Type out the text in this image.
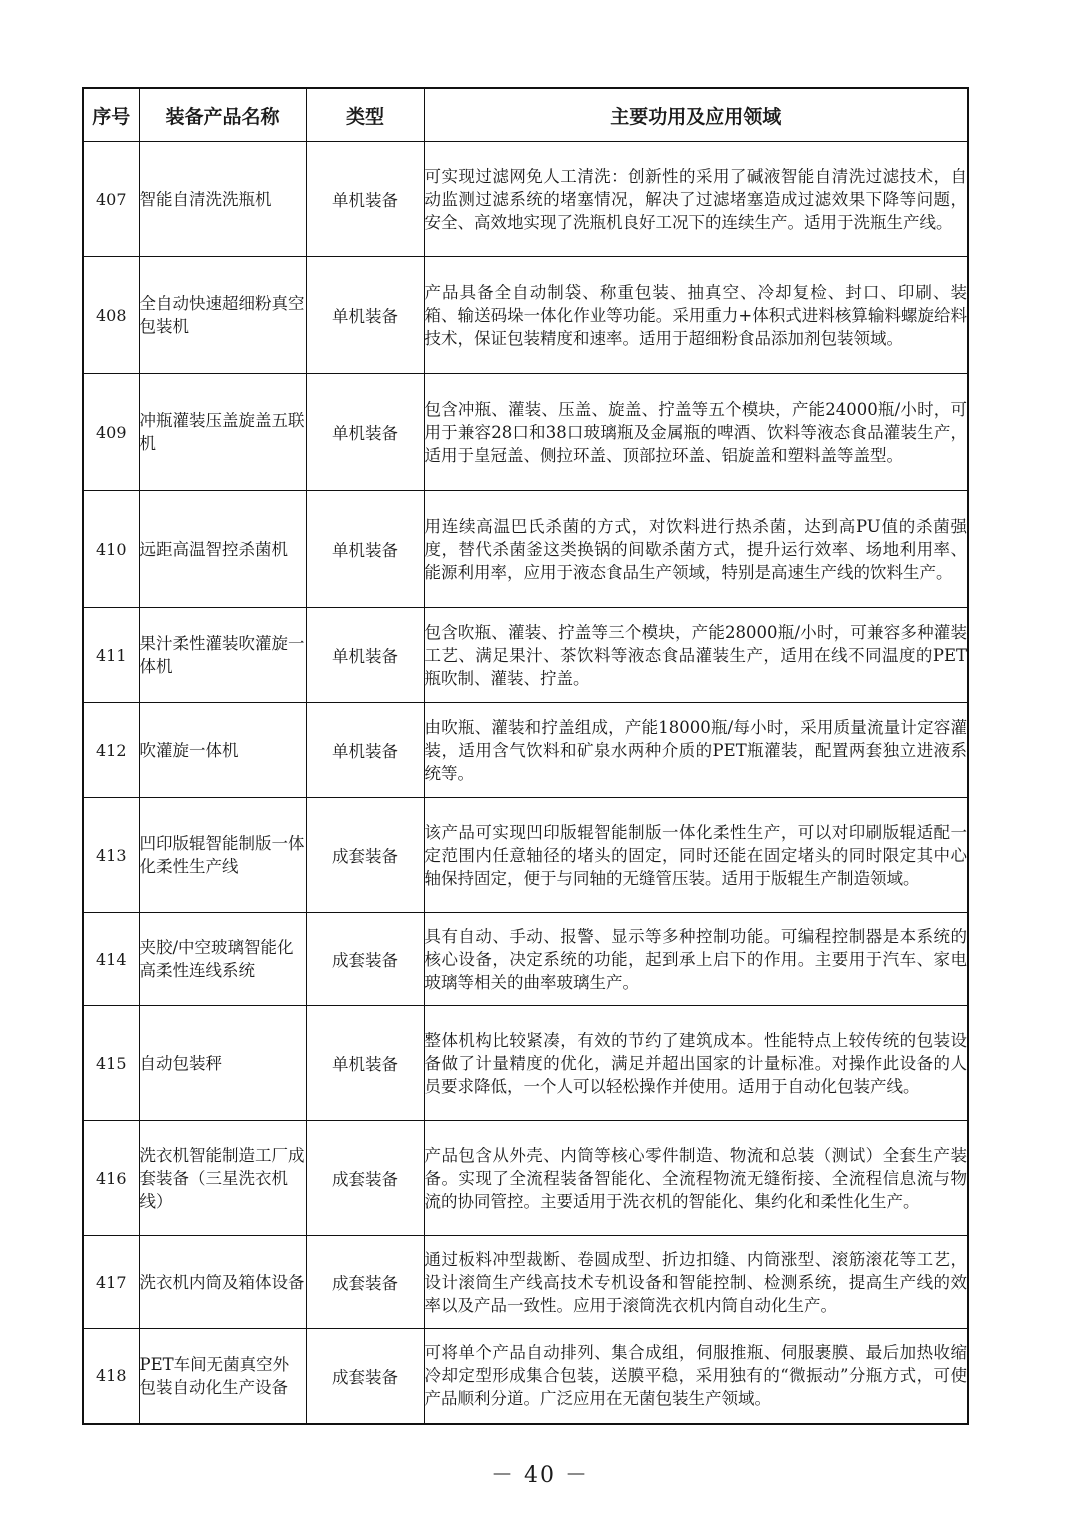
序号	装备产品名称	类型	主要功用及应用领域
407	智能自清洗洗瓶机	单机装备	可实现过滤网免人工清洗：创新性的采用了碱液智能自清洗过滤技术，自动监测过滤系统的堵塞情况，解决了过滤堵塞造成过滤效果下降等问题，安全、高效地实现了洗瓶机良好工况下的连续生产。适用于洗瓶生产线。
408	全自动快速超细粉真空包装机	单机装备	产品具备全自动制袋、称重包装、抽真空、冷却复检、封口、印刷、装箱、输送码垛一体化作业等功能。采用重力+体积式进料核算输料螺旋给料技术，保证包装精度和速率。适用于超细粉食品添加剂包装领域。
409	冲瓶灌装压盖旋盖五联机	单机装备	包含冲瓶、灌装、压盖、旋盖、拧盖等五个模块，产能24000瓶/小时，可用于兼容28口和38口玻璃瓶及金属瓶的啤酒、饮料等液态食品灌装生产，适用于皇冠盖、侧拉环盖、顶部拉环盖、铝旋盖和塑料盖等盖型。
410	远距高温智控杀菌机	单机装备	用连续高温巴氏杀菌的方式，对饮料进行热杀菌，达到高PU值的杀菌强度，替代杀菌釜这类换锅的间歇杀菌方式，提升运行效率、场地利用率、能源利用率，应用于液态食品生产领域，特别是高速生产线的饮料生产。
411	果汁柔性灌装吹灌旋一体机	单机装备	包含吹瓶、灌装、拧盖等三个模块，产能28000瓶/小时，可兼容多种灌装工艺、满足果汁、茶饮料等液态食品灌装生产，适用在线不同温度的PET瓶吹制、灌装、拧盖。
412	吹灌旋一体机	单机装备	由吹瓶、灌装和拧盖组成，产能18000瓶/每小时，采用质量流量计定容灌装，适用含气饮料和矿泉水两种介质的PET瓶灌装，配置两套独立进液系统等。
413	凹印版辊智能制版一体化柔性生产线	成套装备	该产品可实现凹印版辊智能制版一体化柔性生产，可以对印刷版辊适配一定范围内任意轴径的堵头的固定，同时还能在固定堵头的同时限定其中心轴保持固定，便于与同轴的无缝管压装。适用于版辊生产制造领域。
414	夹胶/中空玻璃智能化高柔性连线系统	成套装备	具有自动、手动、报警、显示等多种控制功能。可编程控制器是本系统的核心设备，决定系统的功能，起到承上启下的作用。主要用于汽车、家电玻璃等相关的曲率玻璃生产。
415	自动包装秤	单机装备	整体机构比较紧凑，有效的节约了建筑成本。性能特点上较传统的包装设备做了计量精度的优化，满足并超出国家的计量标准。对操作此设备的人员要求降低，一个人可以轻松操作并使用。适用于自动化包装产线。
416	洗衣机智能制造工厂成套装备（三星洗衣机线）	成套装备	产品包含从外壳、内筒等核心零件制造、物流和总装（测试）全套生产装备。实现了全流程装备智能化、全流程物流无缝衔接、全流程信息流与物流的协同管控。主要适用于洗衣机的智能化、集约化和柔性化生产。
417	洗衣机内筒及箱体设备	成套装备	通过板料冲型裁断、卷圆成型、折边扣缝、内筒涨型、滚筋滚花等工艺，设计滚筒生产线高技术专机设备和智能控制、检测系统，提高生产线的效率以及产品一致性。应用于滚筒洗衣机内筒自动化生产。
418	PET车间无菌真空外包装自动化生产设备	成套装备	可将单个产品自动排列、集合成组，伺服推瓶、伺服裹膜、最后加热收缩冷却定型形成集合包装，送膜平稳，采用独有的“微振动”分瓶方式，可使产品顺利分道。广泛应用在无菌包装生产领域。
－ 40 －
